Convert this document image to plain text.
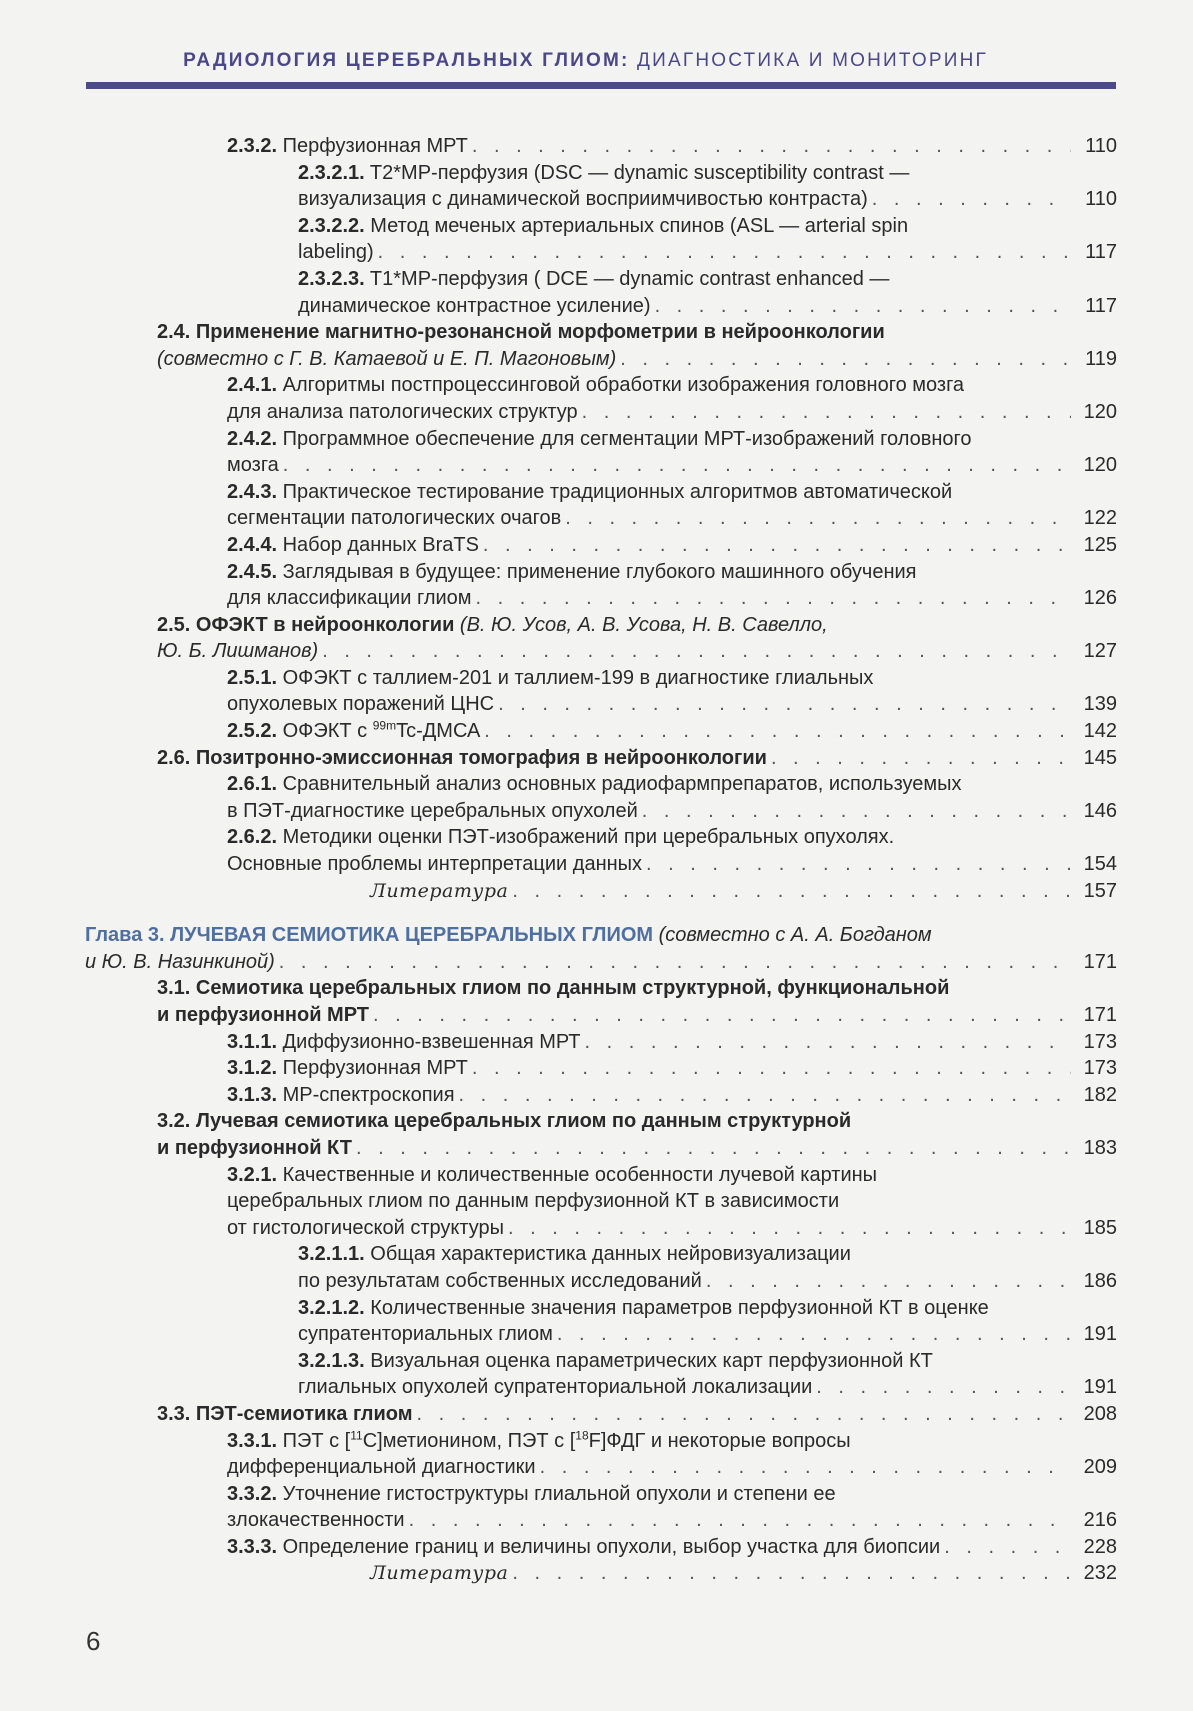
РАДИОЛОГИЯ ЦЕРЕБРАЛЬНЫХ ГЛИОМ: ДИАГНОСТИКА И МОНИТОРИНГ
2.3.2. Перфузионная МРТ . . .	110
2.3.2.1. T2*МР-перфузия (DSC — dynamic susceptibility contrast —
визуализация с динамической восприимчивостью контраста) . . .	110
2.3.2.2. Метод меченых артериальных спинов (ASL — arterial spin
labeling) . . .	117
2.3.2.3. T1*МР-перфузия ( DCE — dynamic contrast enhanced —
динамическое контрастное усиление) . . .	117
2.4. Применение магнитно-резонансной морфометрии в нейроонкологии
(совместно с Г. В. Катаевой и Е. П. Магоновым) . . .	119
2.4.1. Алгоритмы постпроцессинговой обработки изображения головного мозга
для анализа патологических структур . . .	120
2.4.2. Программное обеспечение для сегментации МРТ-изображений головного
мозга . . .	120
2.4.3. Практическое тестирование традиционных алгоритмов автоматической
сегментации патологических очагов . . .	122
2.4.4. Набор данных BraTS . . .	125
2.4.5. Заглядывая в будущее: применение глубокого машинного обучения
для классификации глиом . . .	126
2.5. ОФЭКТ в нейроонкологии (В. Ю. Усов, А. В. Усова, Н. В. Савелло,
Ю. Б. Лишманов) . . .	127
2.5.1. ОФЭКТ с таллием-201 и таллием-199 в диагностике глиальных
опухолевых поражений ЦНС . . .	139
2.5.2. ОФЭКТ с $^{99m}$Tc-ДМСА . . .	142
2.6. Позитронно-эмиссионная томография в нейроонкологии . . .	145
2.6.1. Сравнительный анализ основных радиофармпрепаратов, используемых
в ПЭТ-диагностике церебральных опухолей . . .	146
2.6.2. Методики оценки ПЭТ-изображений при церебральных опухолях.
Основные проблемы интерпретации данных . . .	154
Литература . . .	157
Глава 3. ЛУЧЕВАЯ СЕМИОТИКА ЦЕРЕБРАЛЬНЫХ ГЛИОМ (совместно с А. А. Богданом
и Ю. В. Назинкиной) . . .	171
3.1. Семиотика церебральных глиом по данным структурной, функциональной
и перфузионной МРТ . . .	171
3.1.1. Диффузионно-взвешенная МРТ . . .	173
3.1.2. Перфузионная МРТ . . .	173
3.1.3. МР-спектроскопия . . .	182
3.2. Лучевая семиотика церебральных глиом по данным структурной
и перфузионной КТ . . .	183
3.2.1. Качественные и количественные особенности лучевой картины
церебральных глиом по данным перфузионной КТ в зависимости
от гистологической структуры . . .	185
3.2.1.1. Общая характеристика данных нейровизуализации
по результатам собственных исследований . . .	186
3.2.1.2. Количественные значения параметров перфузионной КТ в оценке
супратенториальных глиом . . .	191
3.2.1.3. Визуальная оценка параметрических карт перфузионной КТ
глиальных опухолей супратенториальной локализации . . .	191
3.3. ПЭТ-семиотика глиом . . .	208
3.3.1. ПЭТ с [$^{11}$C]метионином, ПЭТ с [$^{18}$F]ФДГ и некоторые вопросы
дифференциальной диагностики . . .	209
3.3.2. Уточнение гистоструктуры глиальной опухоли и степени ее
злокачественности . . .	216
3.3.3. Определение границ и величины опухоли, выбор участка для биопсии . . .	228
Литература . . .	232
6
